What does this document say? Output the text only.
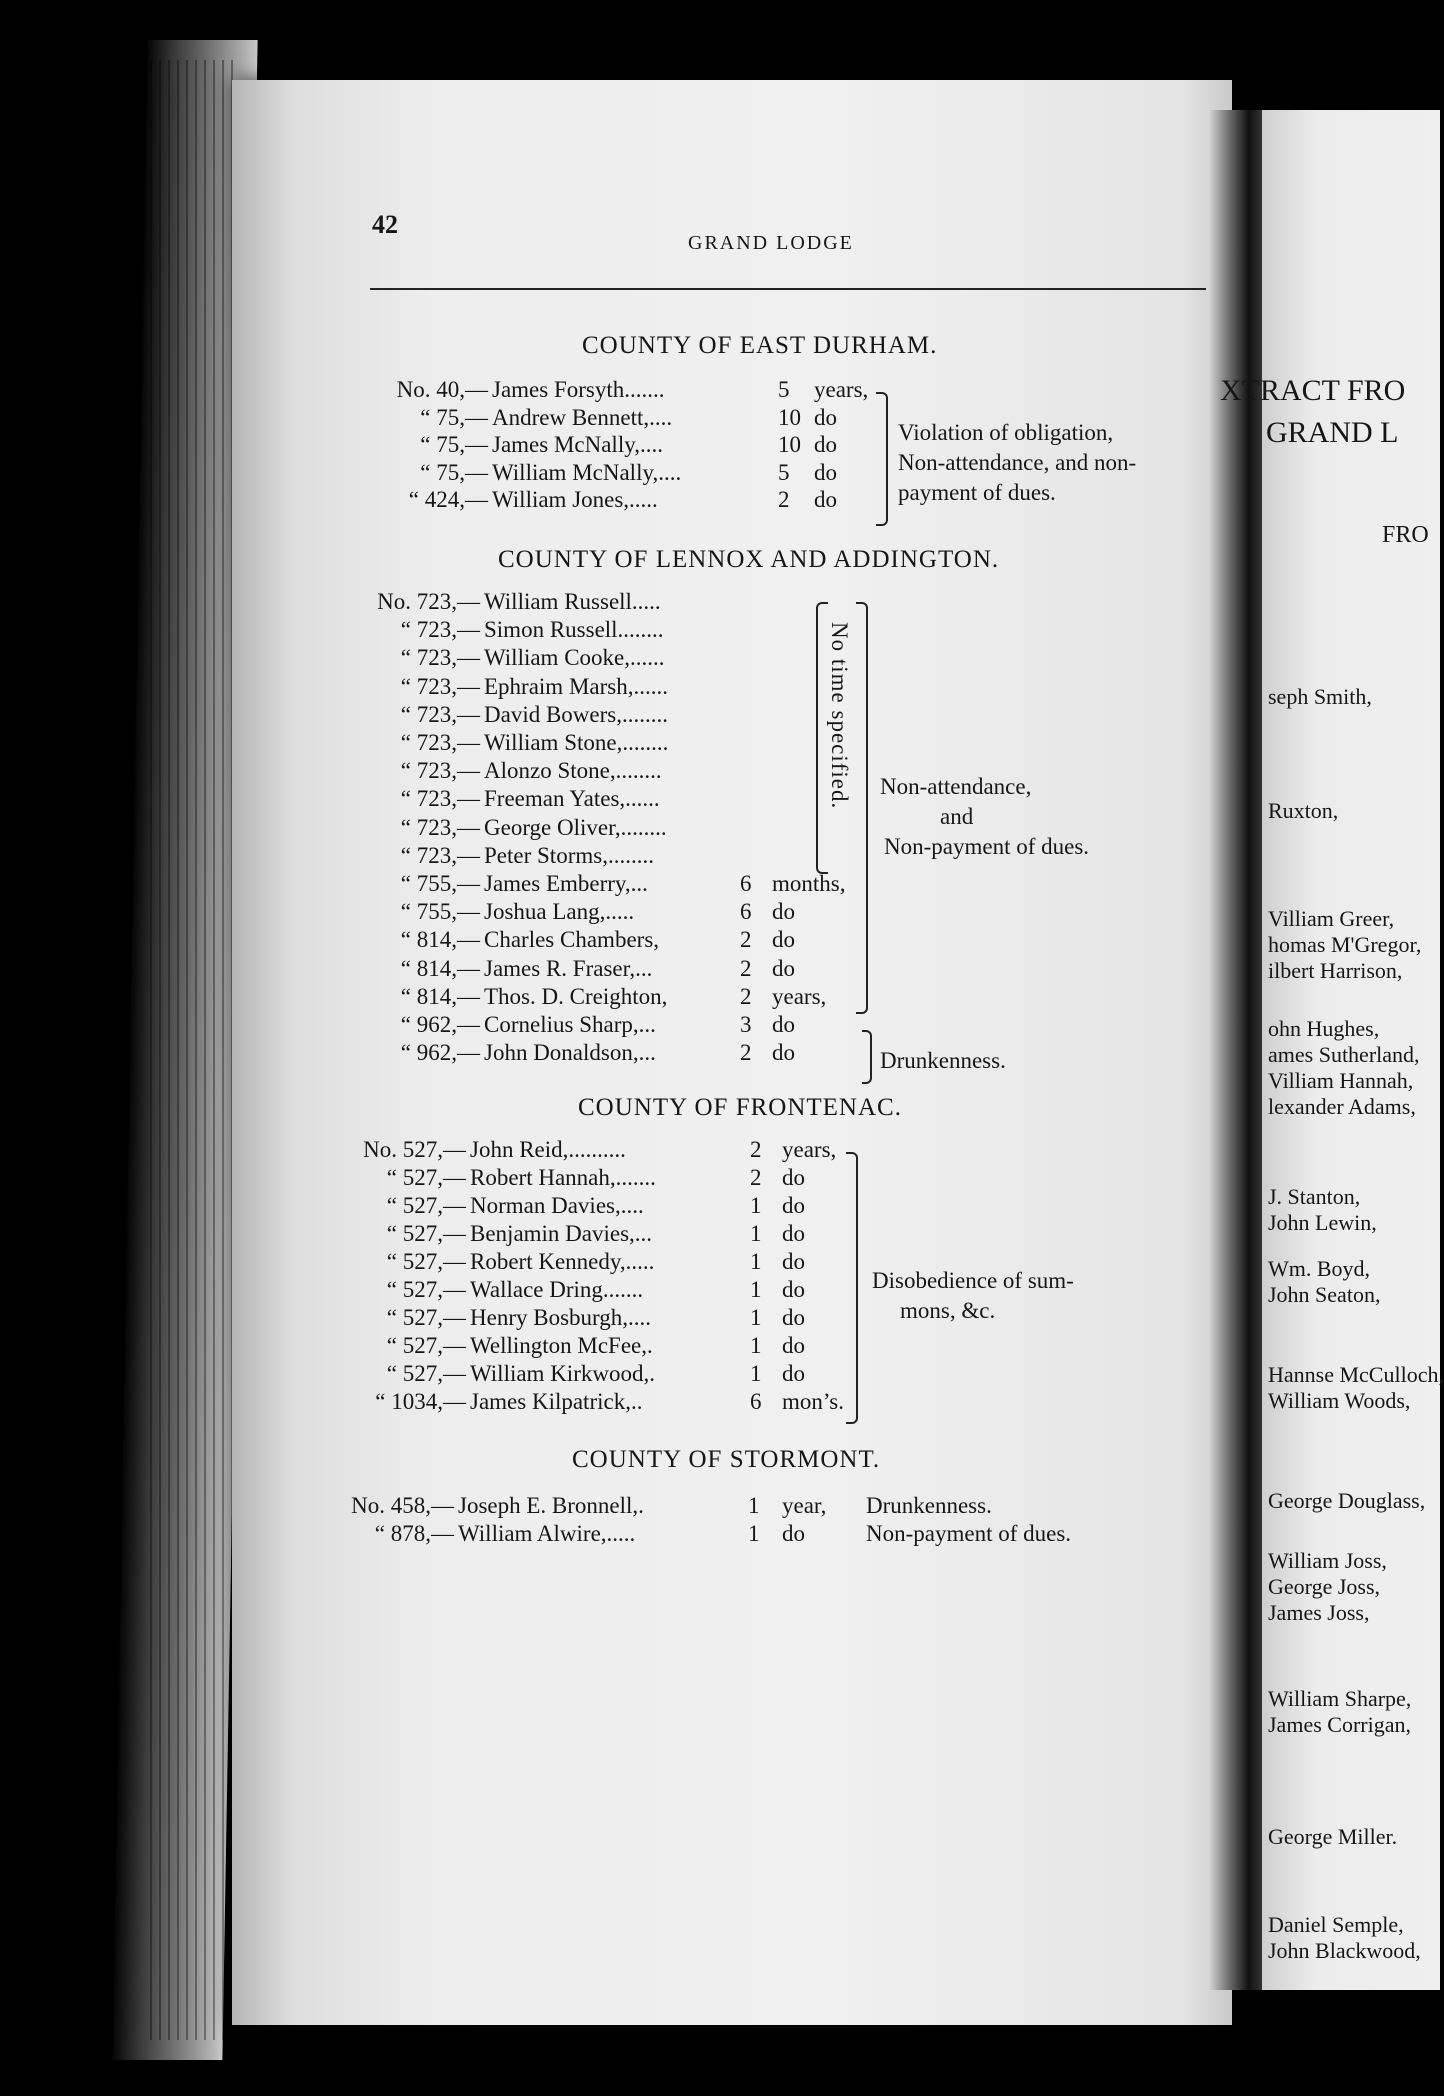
42
GRAND LODGE
COUNTY OF EAST DURHAM.
No. 40,— James Forsyth.......	5 years,
“ 75,— Andrew Bennett,....	10 do
“ 75,— James McNally,....	10 do
“ 75,— William McNally,....	5 do
“ 424,— William Jones,.....	2 do
Violation of obligation,
Non-attendance, and non-
payment of dues.
COUNTY OF LENNOX AND ADDINGTON.
No. 723,— William Russell.....
“ 723,— Simon Russell........
“ 723,— William Cooke,......
“ 723,— Ephraim Marsh,......
“ 723,— David Bowers,........
“ 723,— William Stone,........
“ 723,— Alonzo Stone,........
“ 723,— Freeman Yates,......
“ 723,— George Oliver,........
“ 723,— Peter Storms,........
“ 755,— James Emberry,...	6 months,
“ 755,— Joshua Lang,.....	6 do
“ 814,— Charles Chambers,	2 do
“ 814,— James R. Fraser,...	2 do
“ 814,— Thos. D. Creighton,	2 years,
“ 962,— Cornelius Sharp,...	3 do
“ 962,— John Donaldson,...	2 do
No time specified. Non-attendance,
and
Non-payment of dues.
Drunkenness.
COUNTY OF FRONTENAC.
No. 527,— John Reid,..........	2 years,
“ 527,— Robert Hannah,.......	2 do
“ 527,— Norman Davies,....	1 do
“ 527,— Benjamin Davies,...	1 do
“ 527,— Robert Kennedy,.....	1 do
“ 527,— Wallace Dring.......	1 do
“ 527,— Henry Bosburgh,....	1 do
“ 527,— Wellington McFee,.	1 do
“ 527,— William Kirkwood,.	1 do
“ 1034,— James Kilpatrick,..	6 mon’s.
Disobedience of sum-
mons, &c.
COUNTY OF STORMONT.
No. 458,— Joseph E. Bronnell,.	1 year, Drunkenness.
“ 878,— William Alwire,.....	1 do	Non-payment of dues.
XTRACT FRO
GRAND L
FRO
seph Smith,
Ruxton,
Villiam Greer,
homas M'Gregor,
ilbert Harrison,
ohn Hughes,
ames Sutherland,
Villiam Hannah,
lexander Adams,
J. Stanton,
John Lewin,
Wm. Boyd,
John Seaton,
Hannse McCulloch,
William Woods,
George Douglass,
William Joss,
George Joss,
James Joss,
William Sharpe,
James Corrigan,
George Miller.
Daniel Semple,
John Blackwood,
